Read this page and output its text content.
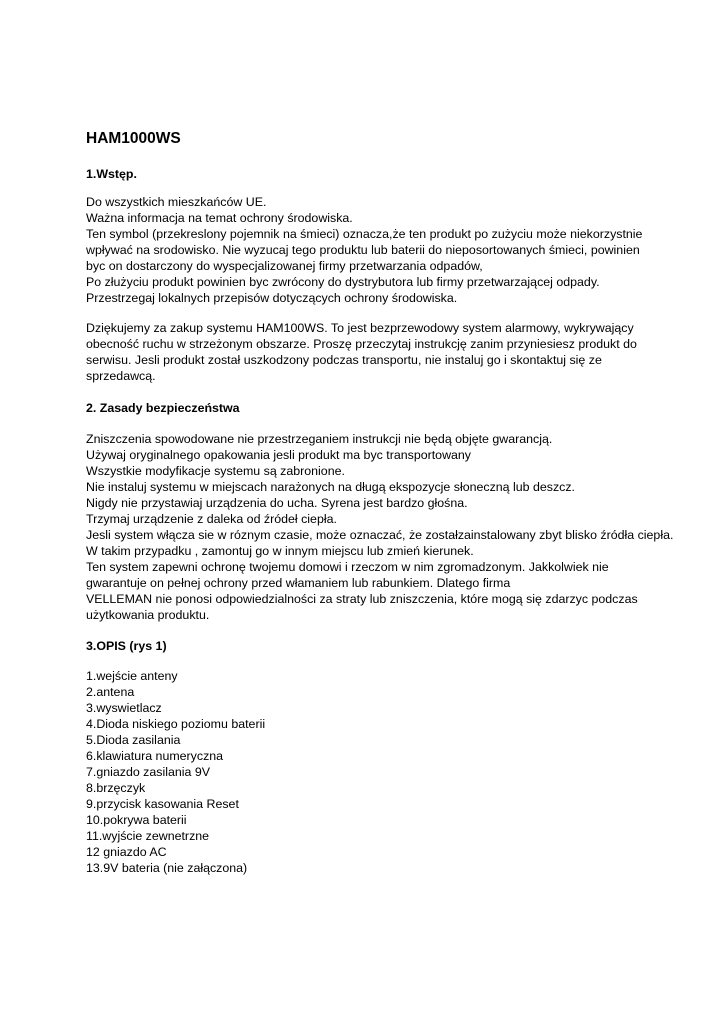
HAM1000WS
1.Wstęp.
Do wszystkich mieszkańców UE.
Ważna informacja na temat ochrony środowiska.
Ten symbol (przekreslony pojemnik na śmieci) oznacza,że ten produkt po zużyciu może niekorzystnie
wpływać na srodowisko. Nie wyzucaj tego produktu lub baterii do nieposortowanych śmieci, powinien
byc on dostarczony do wyspecjalizowanej firmy przetwarzania odpadów,
Po złużyciu produkt powinien byc zwrócony do dystrybutora lub firmy przetwarzającej odpady.
Przestrzegaj lokalnych przepisów dotyczących ochrony środowiska.
Dziękujemy za zakup systemu HAM100WS. To jest bezprzewodowy system alarmowy, wykrywający
obecność ruchu w strzeżonym obszarze. Proszę przeczytaj instrukcję zanim przyniesiesz produkt do
serwisu. Jesli produkt został uszkodzony podczas transportu, nie instaluj go i skontaktuj się ze
sprzedawcą.
2. Zasady bezpieczeństwa
Zniszczenia spowodowane nie przestrzeganiem instrukcji nie będą objęte gwarancją.
Używaj oryginalnego opakowania jesli produkt ma byc transportowany
Wszystkie modyfikacje systemu są zabronione.
Nie instaluj systemu w miejscach narażonych na długą ekspozycje słoneczną lub deszcz.
Nigdy nie przystawiaj urządzenia do ucha. Syrena jest bardzo głośna.
Trzymaj urządzenie z daleka od źródeł ciepła.
Jesli system włącza sie w róznym czasie, może oznaczać, że zostałzainstalowany zbyt blisko źródła ciepła.
W takim przypadku , zamontuj go w innym miejscu lub zmień kierunek.
Ten system zapewni ochronę twojemu domowi i rzeczom w nim zgromadzonym. Jakkolwiek nie
gwarantuje on pełnej ochrony przed włamaniem lub rabunkiem. Dlatego firma
VELLEMAN nie ponosi odpowiedzialności za straty lub zniszczenia, które mogą się zdarzyc podczas
użytkowania produktu.
3.OPIS (rys 1)
1.wejście anteny
2.antena
3.wyswietlacz
4.Dioda niskiego poziomu baterii
5.Dioda zasilania
6.klawiatura numeryczna
7.gniazdo zasilania 9V
8.brzęczyk
9.przycisk kasowania Reset
10.pokrywa baterii
11.wyjście zewnetrzne
12 gniazdo AC
13.9V bateria (nie załączona)
